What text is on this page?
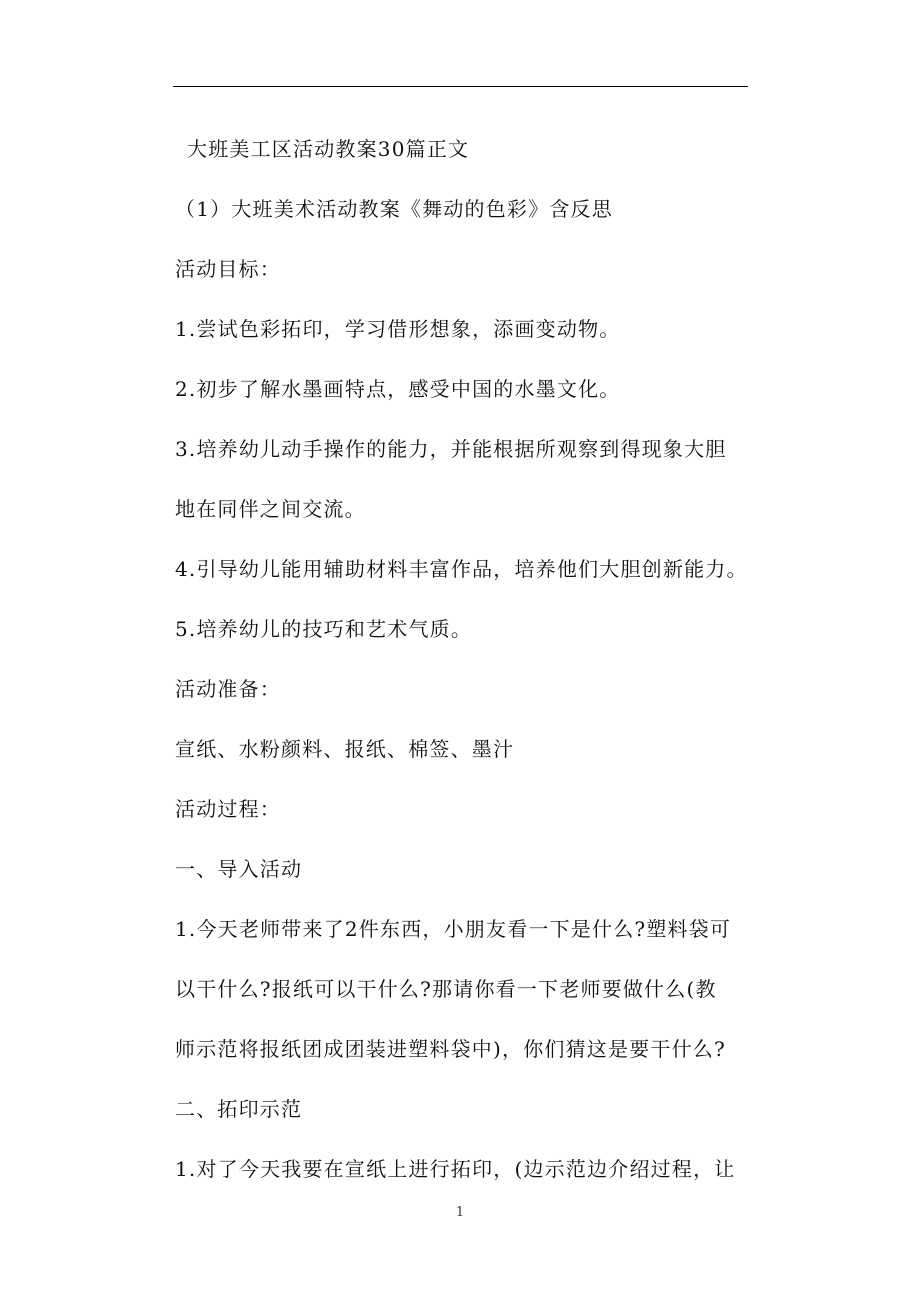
大班美工区活动教案30篇正文
（1）大班美术活动教案《舞动的色彩》含反思
活动目标：
1.尝试色彩拓印，学习借形想象，添画变动物。
2.初步了解水墨画特点，感受中国的水墨文化。
3.培养幼儿动手操作的能力，并能根据所观察到得现象大胆
地在同伴之间交流。
4.引导幼儿能用辅助材料丰富作品，培养他们大胆创新能力。
5.培养幼儿的技巧和艺术气质。
活动准备：
宣纸、水粉颜料、报纸、棉签、墨汁
活动过程：
一、导入活动
1.今天老师带来了2件东西，小朋友看一下是什么?塑料袋可
以干什么?报纸可以干什么?那请你看一下老师要做什么(教
师示范将报纸团成团装进塑料袋中)，你们猜这是要干什么?
二、拓印示范
1.对了今天我要在宣纸上进行拓印，(边示范边介绍过程，让
1
